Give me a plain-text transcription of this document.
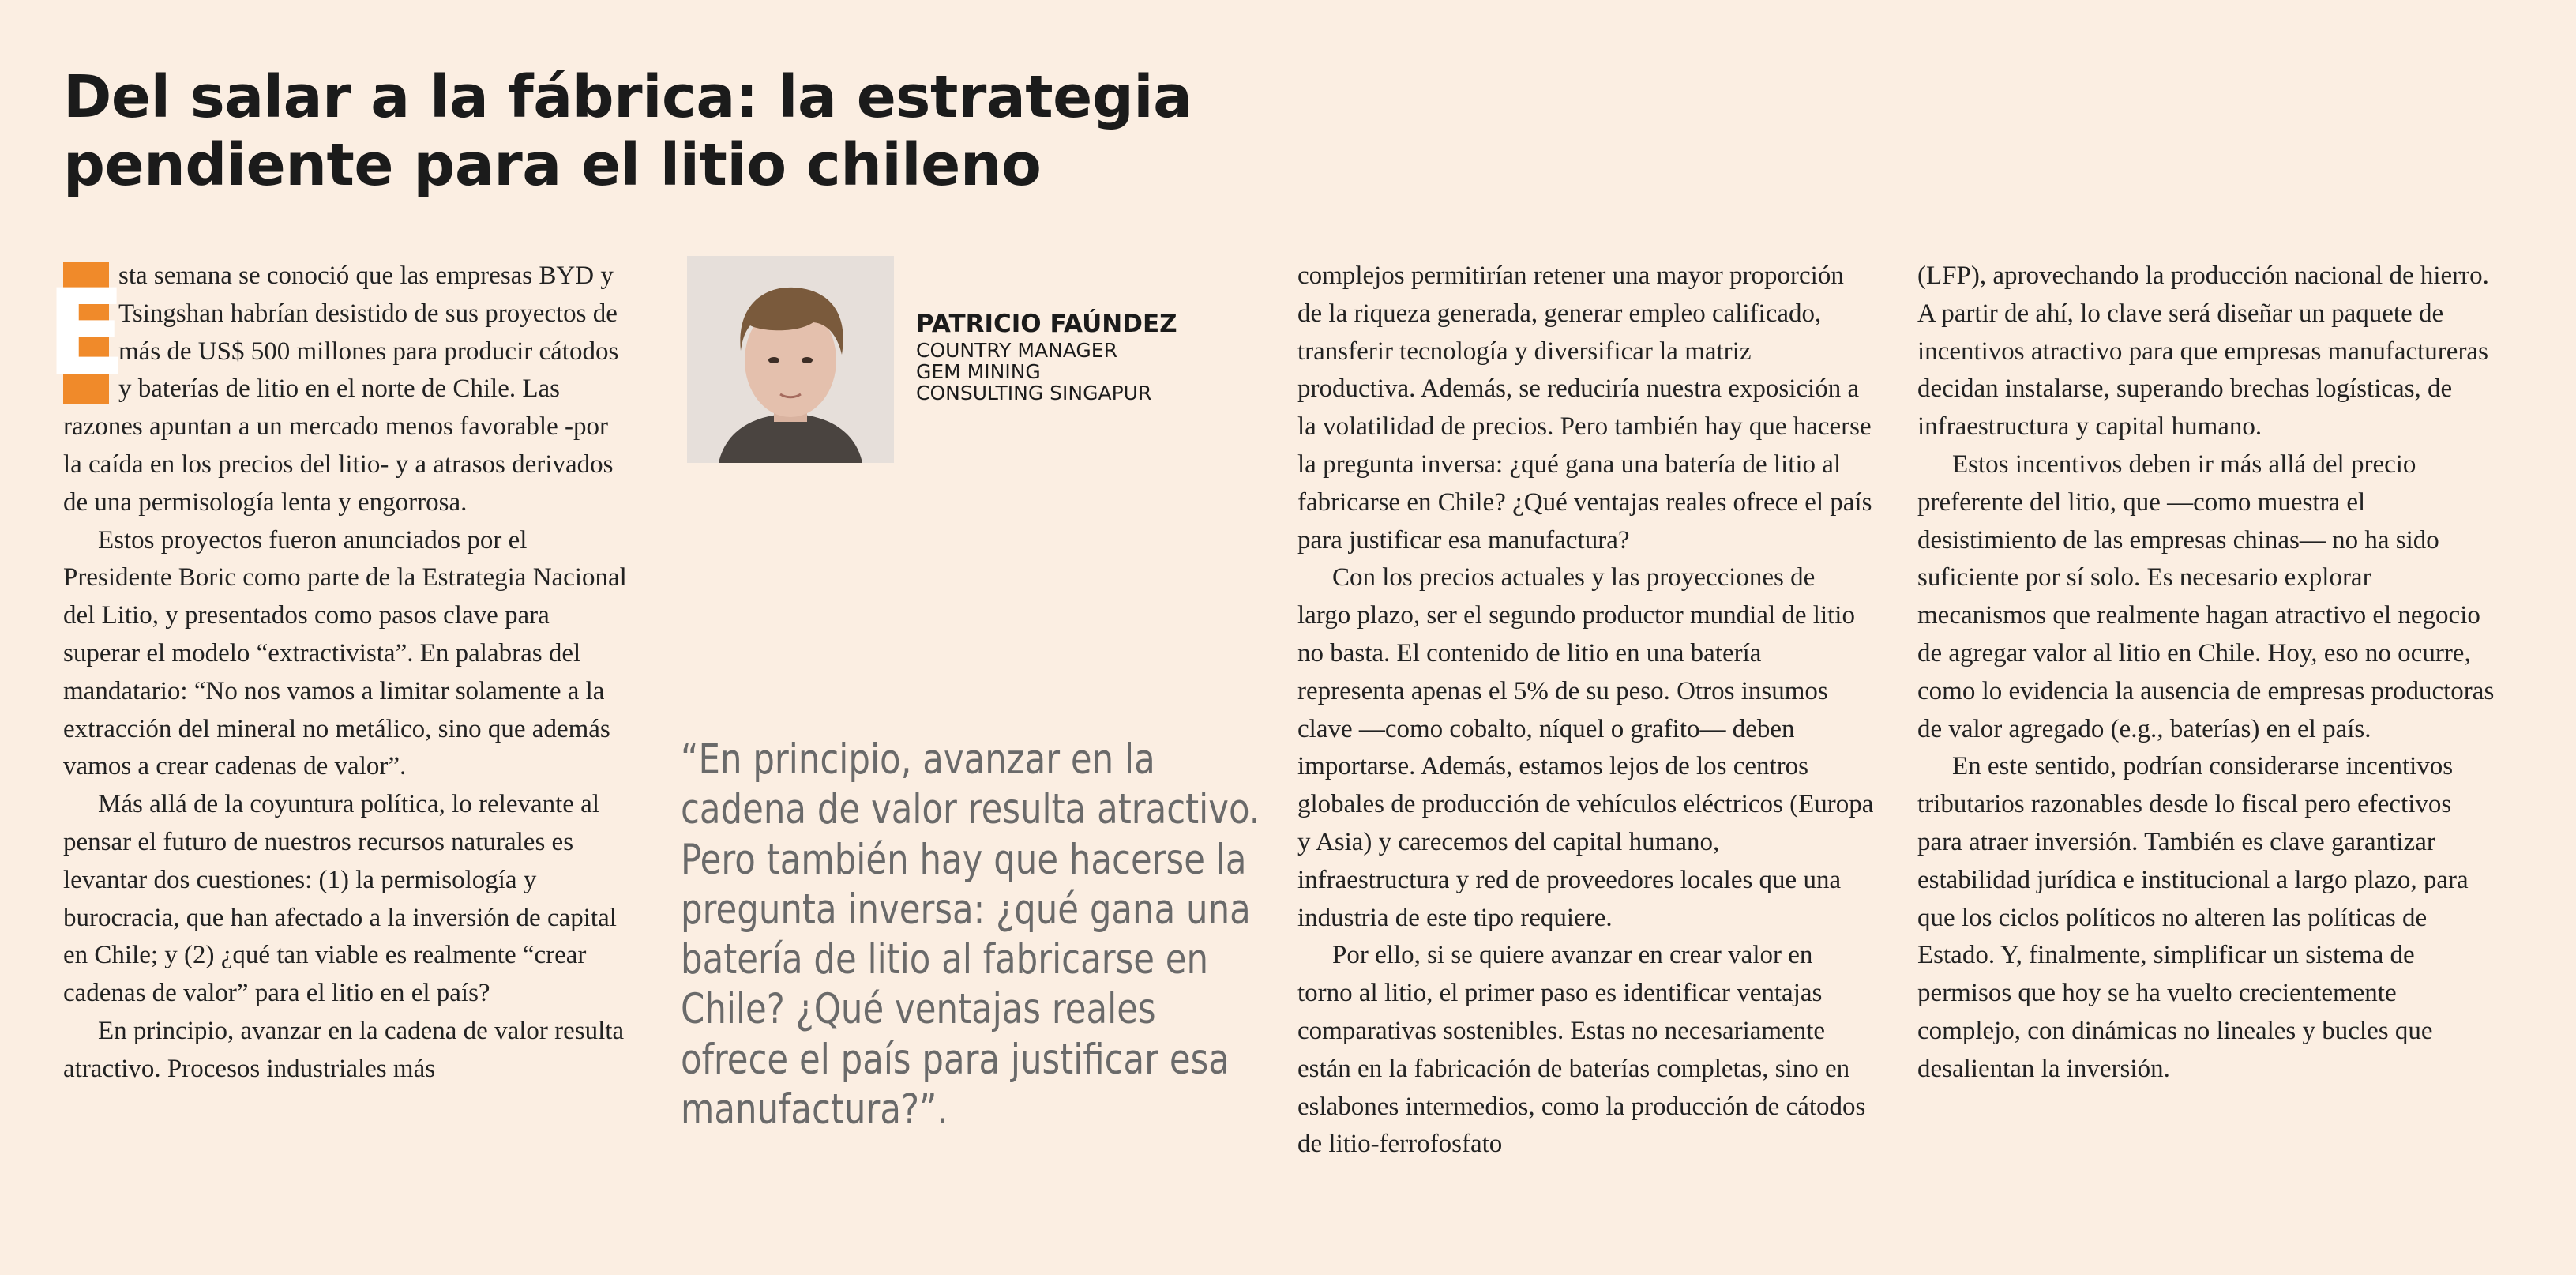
Del salar a la fábrica: la estrategia pendiente para el litio chileno

E
sta semana se conoció que las empresas BYD y Tsingshan habrían desistido de sus proyectos de más de US$ 500 millones para producir cátodos y baterías de litio en el norte de Chile. Las razones apuntan a un mercado menos favorable -por la caída en los precios del litio- y a atrasos derivados de una permisología lenta y engorrosa.

Estos proyectos fueron anunciados por el Presidente Boric como parte de la Estrategia Nacional del Litio, y presentados como pasos clave para superar el modelo “extractivista”. En palabras del mandatario: “No nos vamos a limitar solamente a la extracción del mineral no metálico, sino que además vamos a crear cadenas de valor”.

Más allá de la coyuntura política, lo relevante al pensar el futuro de nuestros recursos naturales es levantar dos cuestiones: (1) la permisología y burocracia, que han afectado a la inversión de capital en Chile; y (2) ¿qué tan viable es realmente “crear cadenas de valor” para el litio en el país?

En principio, avanzar en la cadena de valor resulta atractivo. Procesos industriales más

PATRICIO FAÚNDEZ
COUNTRY MANAGER
GEM MINING
CONSULTING SINGAPUR
“En principio, avanzar en la cadena de valor resulta atractivo. Pero también hay que hacerse la pregunta inversa: ¿qué gana una batería de litio al fabricarse en Chile? ¿Qué ventajas reales ofrece el país para justificar esa manufactura?”.

complejos permitirían retener una mayor proporción de la riqueza generada, generar empleo calificado, transferir tecnología y diversificar la matriz productiva. Además, se reduciría nuestra exposición a la volatilidad de precios. Pero también hay que hacerse la pregunta inversa: ¿qué gana una batería de litio al fabricarse en Chile? ¿Qué ventajas reales ofrece el país para justificar esa manufactura?

Con los precios actuales y las proyecciones de largo plazo, ser el segundo productor mundial de litio no basta. El contenido de litio en una batería representa apenas el 5% de su peso. Otros insumos clave —como cobalto, níquel o grafito— deben importarse. Además, estamos lejos de los centros globales de producción de vehículos eléctricos (Europa y Asia) y carecemos del capital humano, infraestructura y red de proveedores locales que una industria de este tipo requiere.

Por ello, si se quiere avanzar en crear valor en torno al litio, el primer paso es identificar ventajas comparativas sostenibles. Estas no necesariamente están en la fabricación de baterías completas, sino en eslabones intermedios, como la producción de cátodos de litio-ferrofosfato

(LFP), aprovechando la producción nacional de hierro. A partir de ahí, lo clave será diseñar un paquete de incentivos atractivo para que empresas manufactureras decidan instalarse, superando brechas logísticas, de infraestructura y capital humano.

Estos incentivos deben ir más allá del precio preferente del litio, que —como muestra el desistimiento de las empresas chinas— no ha sido suficiente por sí solo. Es necesario explorar mecanismos que realmente hagan atractivo el negocio de agregar valor al litio en Chile. Hoy, eso no ocurre, como lo evidencia la ausencia de empresas productoras de valor agregado (e.g., baterías) en el país.

En este sentido, podrían considerarse incentivos tributarios razonables desde lo fiscal pero efectivos para atraer inversión. También es clave garantizar estabilidad jurídica e institucional a largo plazo, para que los ciclos políticos no alteren las políticas de Estado. Y, finalmente, simplificar un sistema de permisos que hoy se ha vuelto crecientemente complejo, con dinámicas no lineales y bucles que desalientan la inversión.
